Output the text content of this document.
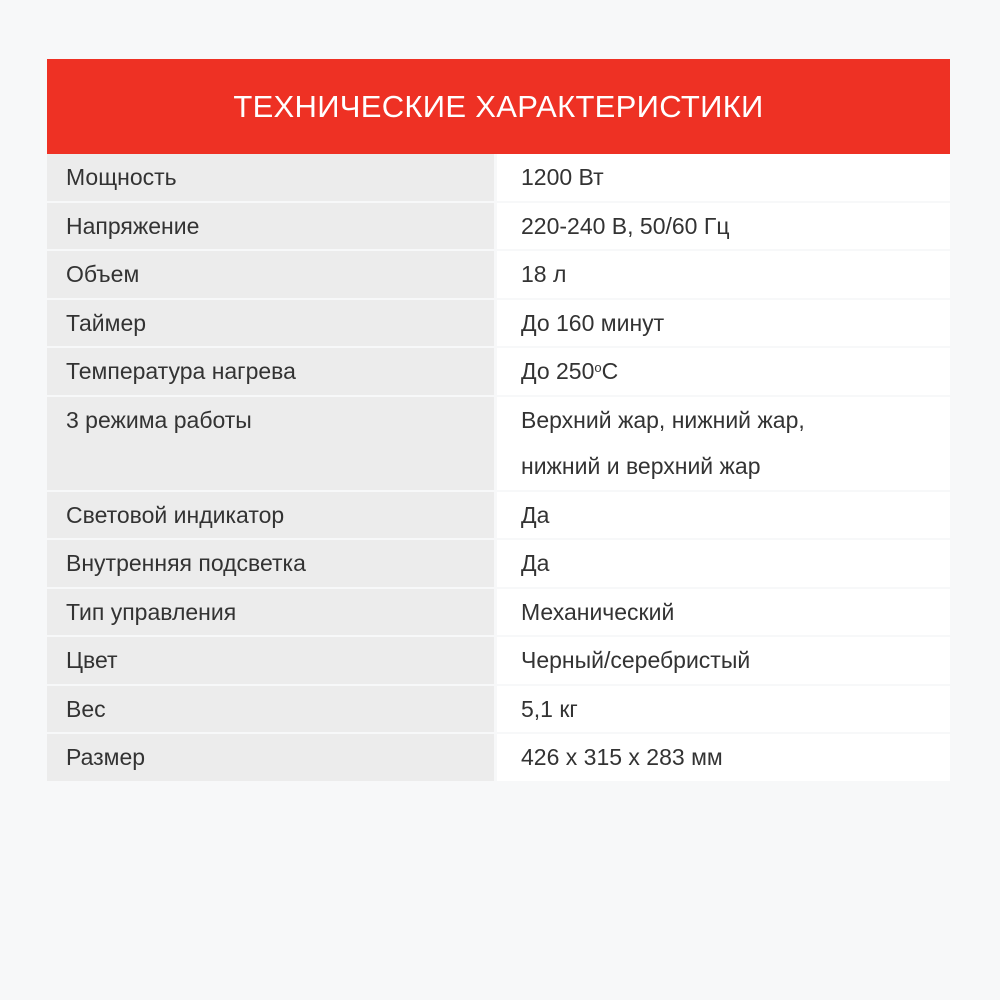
ТЕХНИЧЕСКИЕ ХАРАКТЕРИСТИКИ
Мощность	1200 Вт
Напряжение	220-240 В, 50/60 Гц
Объем	18 л
Таймер	До 160 минут
Температура нагрева	До 250$^o$C
3 режима работы	Верхний жар, нижний жар,
нижний и верхний жар
Световой индикатор	Да
Внутренняя подсветка	Да
Тип управления	Механический
Цвет	Черный/серебристый
Вес	5,1 кг
Размер	426 x 315 x 283 мм
